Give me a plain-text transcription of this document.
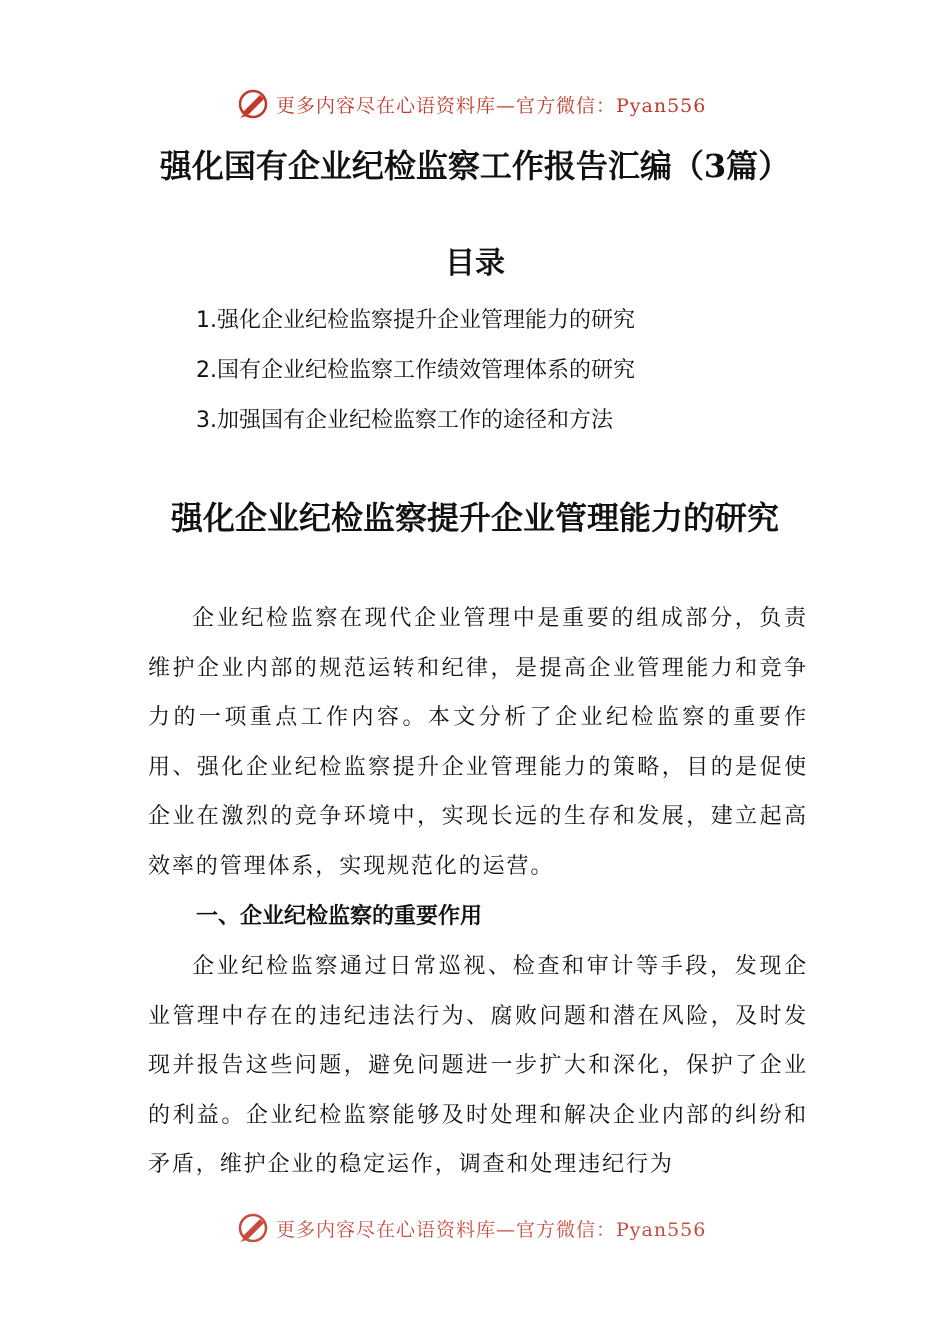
更多内容尽在心语资料库—官方微信：Pyan556
强化国有企业纪检监察工作报告汇编（3篇）
目录
1.强化企业纪检监察提升企业管理能力的研究
2.国有企业纪检监察工作绩效管理体系的研究
3.加强国有企业纪检监察工作的途径和方法
强化企业纪检监察提升企业管理能力的研究

企业纪检监察在现代企业管理中是重要的组成部分，负责维护企业内部的规范运转和纪律，是提高企业管理能力和竞争力的一项重点工作内容。本文分析了企业纪检监察的重要作用、强化企业纪检监察提升企业管理能力的策略，目的是促使企业在激烈的竞争环境中，实现长远的生存和发展，建立起高效率的管理体系，实现规范化的运营。

一、企业纪检监察的重要作用

企业纪检监察通过日常巡视、检查和审计等手段，发现企业管理中存在的违纪违法行为、腐败问题和潜在风险，及时发现并报告这些问题，避免问题进一步扩大和深化，保护了企业的利益。企业纪检监察能够及时处理和解决企业内部的纠纷和矛盾，维护企业的稳定运作，调查和处理违纪行为

更多内容尽在心语资料库—官方微信：Pyan556
